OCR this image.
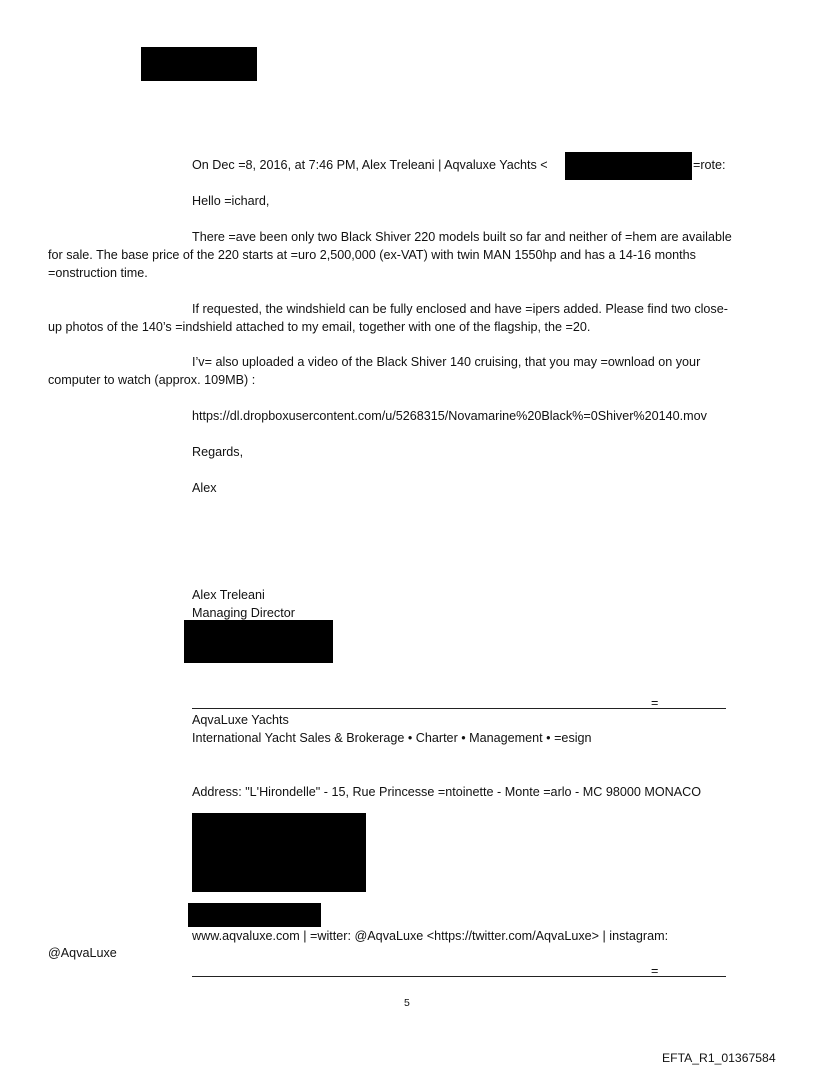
On Dec =8, 2016, at 7:46 PM, Alex Treleani | Aqvaluxe Yachts <	=rote:
Hello =ichard,
There =ave been only two Black Shiver 220 models built so far and neither of =hem are available
for sale. The base price of the 220 starts at =uro 2,500,000 (ex-VAT) with twin MAN 1550hp and has a 14-16 months
=onstruction time.
If requested, the windshield can be fully enclosed and have =ipers added. Please find two close-
up photos of the 140’s =indshield attached to my email, together with one of the flagship, the =20.
I’v= also uploaded a video of the Black Shiver 140 cruising, that you may =ownload on your
computer to watch (approx. 109MB) :
https://dl.dropboxusercontent.com/u/5268315/Novamarine%20Black%=0Shiver%20140.mov
Regards,
Alex
Alex Treleani
Managing Director
=
AqvaLuxe Yachts
International Yacht Sales & Brokerage • Charter • Management • =esign
Address: "L'Hirondelle" - 15, Rue Princesse =ntoinette - Monte =arlo - MC 98000 MONACO
www.aqvaluxe.com | =witter: @AqvaLuxe <https://twitter.com/AqvaLuxe> | instagram:
@AqvaLuxe
=
5
EFTA_R1_01367584
